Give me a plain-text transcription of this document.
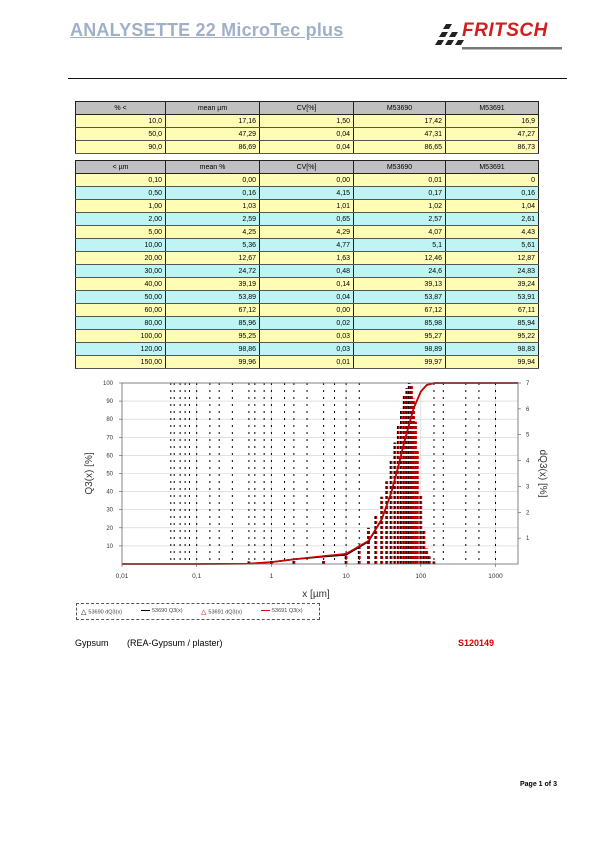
ANALYSETTE 22 MicroTec plus	FRITSCH
% <	mean µm	CV[%]	M53690	M53691
10,0	17,16	1,50	17,42	16,9
50,0	47,29	0,04	47,31	47,27
90,0	86,69	0,04	86,65	86,73
< µm	mean %	CV[%]	M53690	M53691
0,10	0,00	0,00	0,01	0
0,50	0,16	4,15	0,17	0,16
1,00	1,03	1,01	1,02	1,04
2,00	2,59	0,65	2,57	2,61
5,00	4,25	4,29	4,07	4,43
10,00	5,36	4,77	5,1	5,61
20,00	12,67	1,63	12,46	12,87
30,00	24,72	0,48	24,6	24,83
40,00	39,19	0,14	39,13	39,24
50,00	53,89	0,04	53,87	53,91
60,00	67,12	0,00	67,12	67,11
80,00	85,96	0,02	85,98	85,94
100,00	95,25	0,03	95,27	95,22
120,00	98,86	0,03	98,89	98,83
150,00	99,96	0,01	99,97	99,94
10
20
30
40
50
60
70
80
90
100
1
2
3
4
5
6
7
0,01	0,1	1	10	100	1000
x [µm]
Q3(x) [%]	dQ3(x) [%]
△ 53690 dQ3(x)	53690 Q3(x)	△ 53691 dQ3(x)	53691 Q3(x)
Gypsum (REA-Gypsum / plaster)	S120149
Page 1 of 3
